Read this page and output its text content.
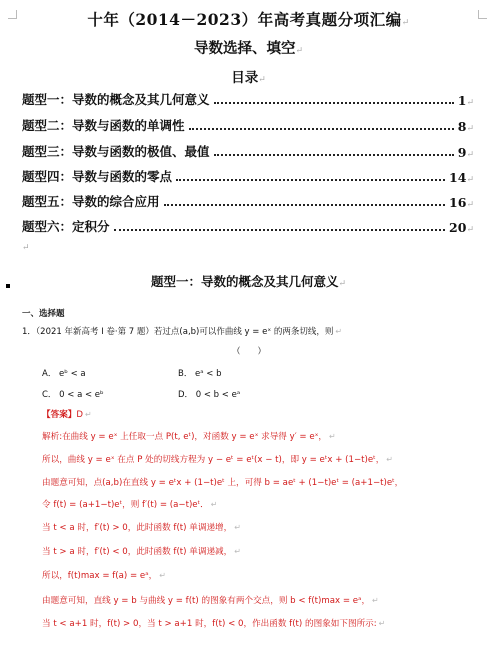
十年（2014－2023）年高考真题分项汇编↵
导数选择、填空↵
目录↵
题型一：导数的概念及其几何意义	1 ↵
题型二：导数与函数的单调性	8 ↵
题型三：导数与函数的极值、最值	9 ↵
题型四：导数与函数的零点	14 ↵
题型五：导数的综合应用	16 ↵
题型六：定积分	20 ↵
↵
题型一：导数的概念及其几何意义↵
一、选择题
1．（2021 年新高考 I 卷·第 7 题）若过点(a,b)可以作曲线 y = eˣ 的两条切线，则 ↵
（　　）
A． eᵇ < a	B． eᵃ < b
C． 0 < a < eᵇ	D． 0 < b < eᵃ
【答案】D ↵
解析:在曲线 y = eˣ 上任取一点 P(t, eᵗ)，对函数 y = eˣ 求导得 y′ = eˣ， ↵
所以，曲线 y = eˣ 在点 P 处的切线方程为 y − eᵗ = eᵗ(x − t)，即 y = eᵗx + (1−t)eᵗ， ↵
由题意可知，点(a,b)在直线 y = eᵗx + (1−t)eᵗ 上，可得 b = aeᵗ + (1−t)eᵗ = (a+1−t)eᵗ，
令 f(t) = (a+1−t)eᵗ，则 f′(t) = (a−t)eᵗ． ↵
当 t < a 时，f′(t) > 0，此时函数 f(t) 单调递增， ↵
当 t > a 时，f′(t) < 0，此时函数 f(t) 单调递减， ↵
所以，f(t)max = f(a) = eᵃ， ↵
由题意可知，直线 y = b 与曲线 y = f(t) 的图象有两个交点，则 b < f(t)max = eᵃ， ↵
当 t < a+1 时，f(t) > 0，当 t > a+1 时，f(t) < 0，作出函数 f(t) 的图象如下图所示: ↵
